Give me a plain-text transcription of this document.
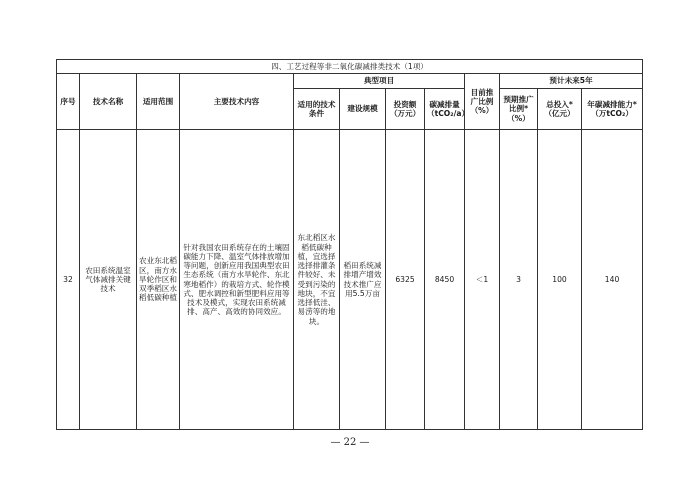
四、工艺过程等非二氧化碳减排类技术（1项）											
序号	技术名称	适用范围	主要技术内容	典型项目				目前推广比例（%）	预计未来5年		
				适用的技术条件	建设规模	投资额（万元）	碳减排量（tCO₂/a）		预期推广比例*（%）	总投入*（亿元）	年碳减排能力*（万tCO₂）
32	农田系统温室气体减排关键技术	农业东北稻区，南方水旱轮作区和双季稻区水稻低碳种植	针对我国农田系统存在的土壤固碳能力下降、温室气体排放增加等问题，创新应用我国典型农田生态系统（南方水旱轮作、东北寒地稻作）的栽培方式、轮作模式、肥水调控和新型肥料应用等技术及模式，实现农田系统减排、高产、高效的协同效应。	东北稻区水稻低碳种植，宜选择选择排灌条件较好、未受到污染的地块，不宜选择低洼、易涝等的地块。	稻田系统减排增产增效技术推广应用5.5万亩	6325	8450	＜1	3	100	140
— 22 —
